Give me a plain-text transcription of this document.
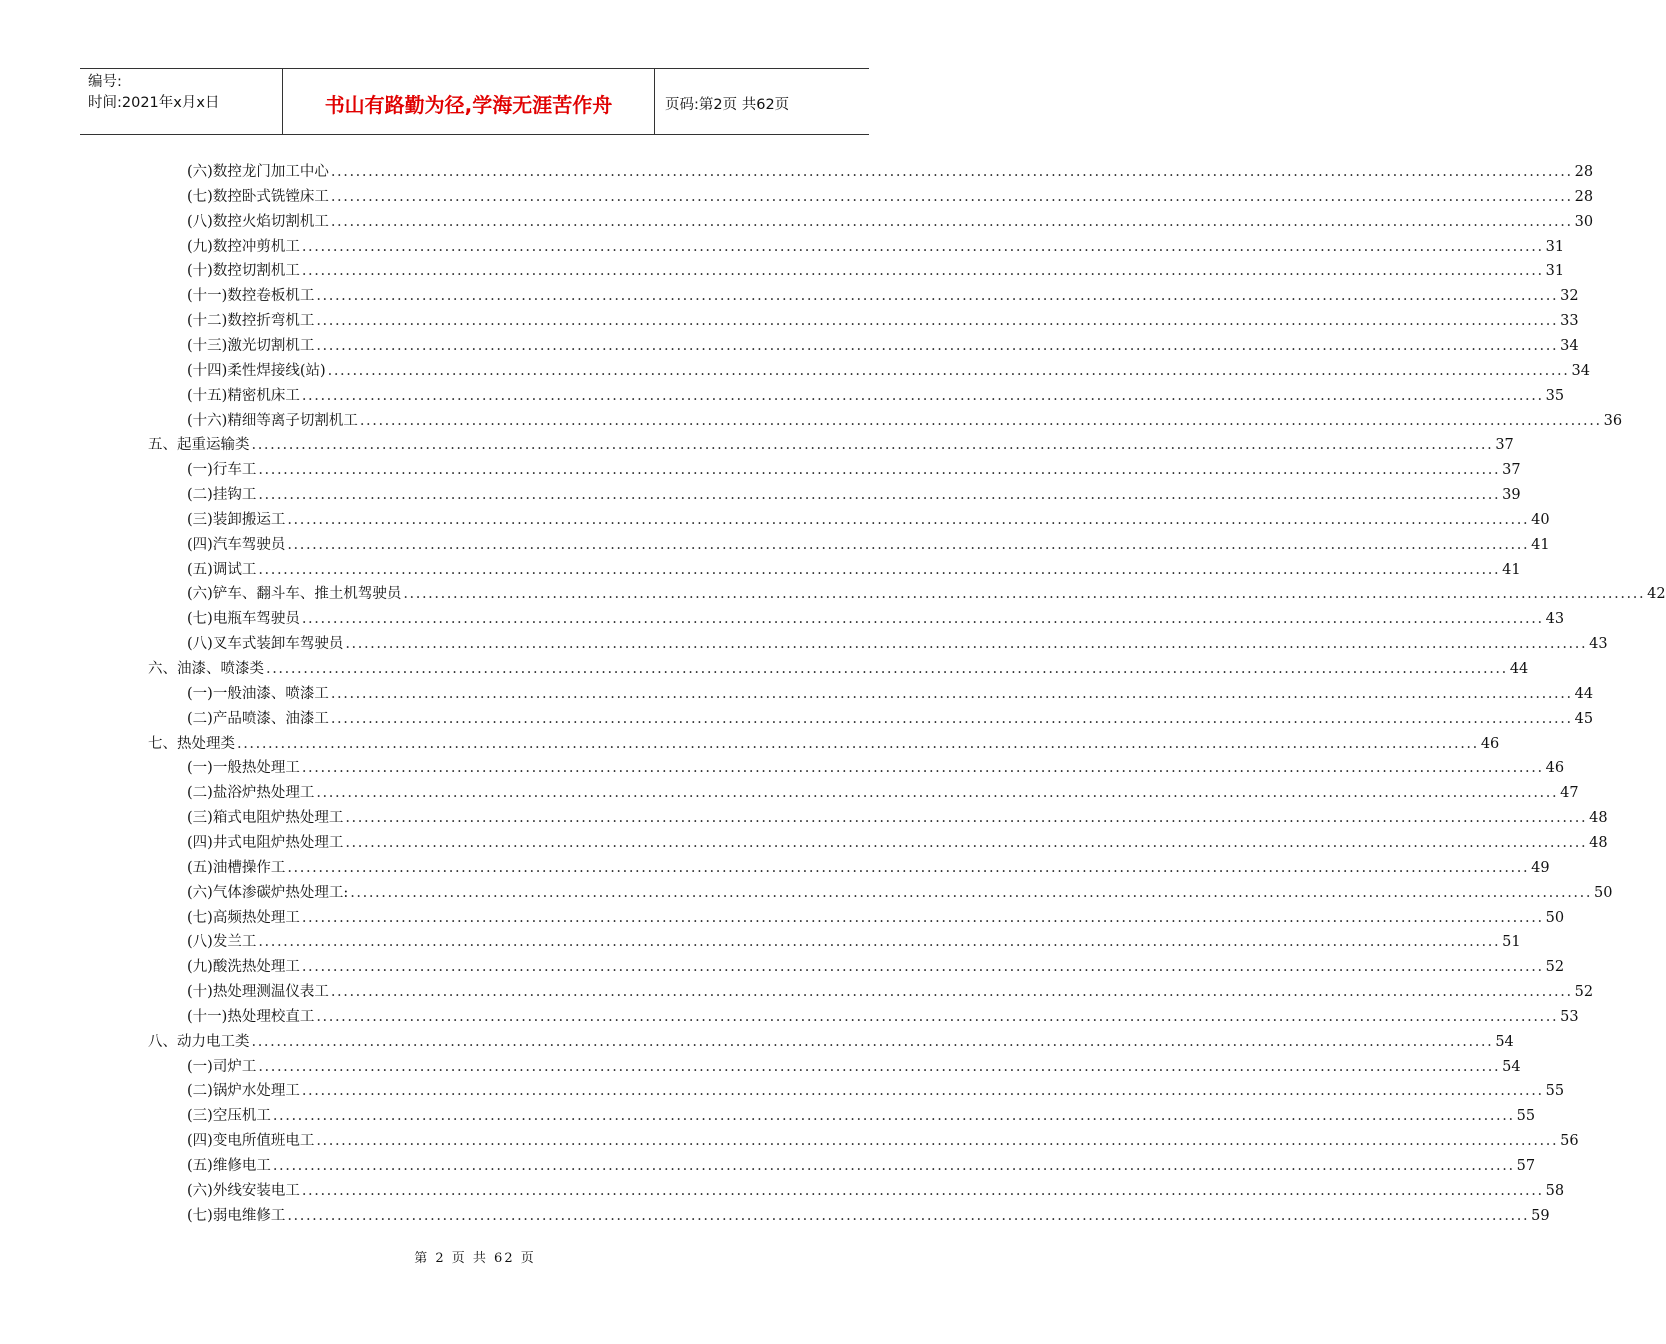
编号:
时间:2021年x月x日	书山有路勤为径,学海无涯苦作舟	页码:第2页 共62页
(六)数控龙门加工中心 ........................................................................................................................................................................................................ 28
(七)数控卧式铣镗床工 ........................................................................................................................................................................................................ 28
(八)数控火焰切割机工 ........................................................................................................................................................................................................ 30
(九)数控冲剪机工 ........................................................................................................................................................................................................ 31
(十)数控切割机工 ........................................................................................................................................................................................................ 31
(十一)数控卷板机工 ........................................................................................................................................................................................................ 32
(十二)数控折弯机工 ........................................................................................................................................................................................................ 33
(十三)激光切割机工 ........................................................................................................................................................................................................ 34
(十四)柔性焊接线(站) ........................................................................................................................................................................................................ 34
(十五)精密机床工 ........................................................................................................................................................................................................ 35
(十六)精细等离子切割机工 ........................................................................................................................................................................................................ 36
五、起重运输类 ........................................................................................................................................................................................................ 37
(一)行车工 ........................................................................................................................................................................................................ 37
(二)挂钩工 ........................................................................................................................................................................................................ 39
(三)装卸搬运工 ........................................................................................................................................................................................................ 40
(四)汽车驾驶员 ........................................................................................................................................................................................................ 41
(五)调试工 ........................................................................................................................................................................................................ 41
(六)铲车、翻斗车、推土机驾驶员 ........................................................................................................................................................................................................ 42
(七)电瓶车驾驶员 ........................................................................................................................................................................................................ 43
(八)叉车式装卸车驾驶员 ........................................................................................................................................................................................................ 43
六、油漆、喷漆类 ........................................................................................................................................................................................................ 44
(一)一般油漆、喷漆工 ........................................................................................................................................................................................................ 44
(二)产品喷漆、油漆工 ........................................................................................................................................................................................................ 45
七、热处理类 ........................................................................................................................................................................................................ 46
(一)一般热处理工 ........................................................................................................................................................................................................ 46
(二)盐浴炉热处理工 ........................................................................................................................................................................................................ 47
(三)箱式电阻炉热处理工 ........................................................................................................................................................................................................ 48
(四)井式电阻炉热处理工 ........................................................................................................................................................................................................ 48
(五)油槽操作工 ........................................................................................................................................................................................................ 49
(六)气体渗碳炉热处理工: ........................................................................................................................................................................................................ 50
(七)高频热处理工 ........................................................................................................................................................................................................ 50
(八)发兰工 ........................................................................................................................................................................................................ 51
(九)酸洗热处理工 ........................................................................................................................................................................................................ 52
(十)热处理测温仪表工 ........................................................................................................................................................................................................ 52
(十一)热处理校直工 ........................................................................................................................................................................................................ 53
八、动力电工类 ........................................................................................................................................................................................................ 54
(一)司炉工 ........................................................................................................................................................................................................ 54
(二)锅炉水处理工 ........................................................................................................................................................................................................ 55
(三)空压机工 ........................................................................................................................................................................................................ 55
(四)变电所值班电工 ........................................................................................................................................................................................................ 56
(五)维修电工 ........................................................................................................................................................................................................ 57
(六)外线安装电工 ........................................................................................................................................................................................................ 58
(七)弱电维修工 ........................................................................................................................................................................................................ 59
第 2 页 共 62 页
